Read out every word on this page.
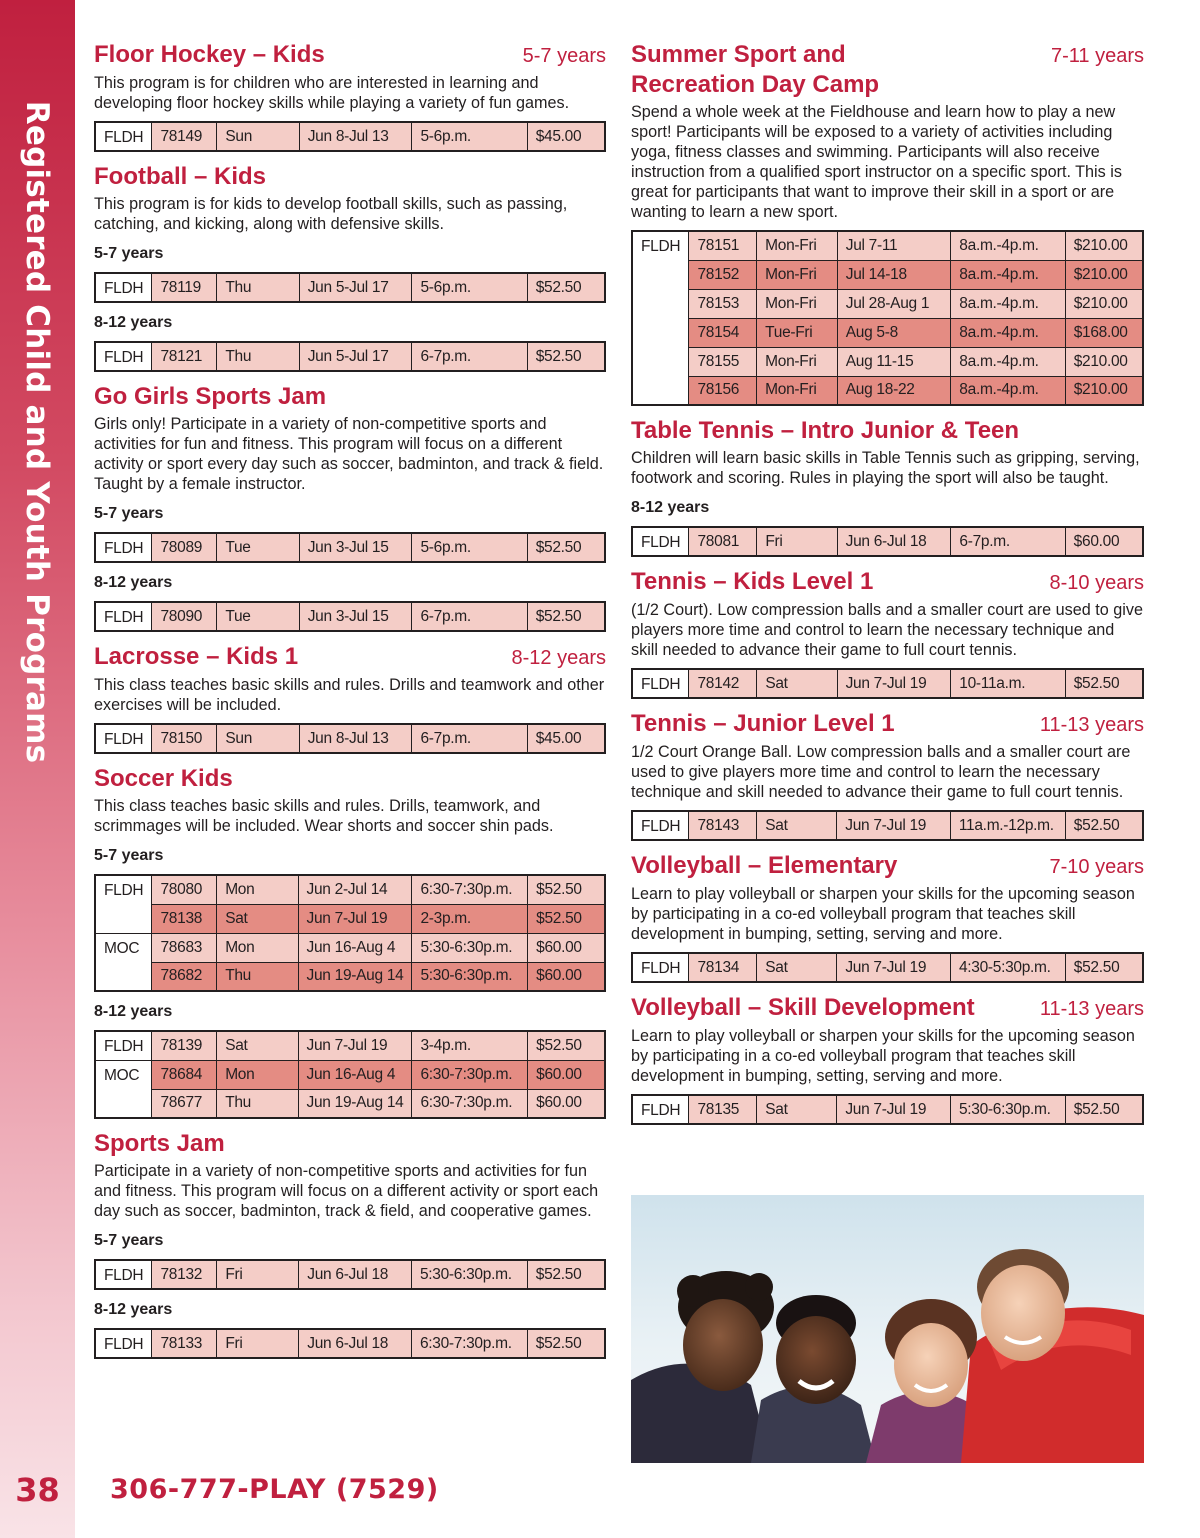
Registered Child and Youth Programs
38	306-777-PLAY (7529)
Floor Hockey – Kids	5-7 years
This program is for children who are interested in learning and developing floor hockey skills while playing a variety of fun games.
FLDH	78149	Sun	Jun 8-Jul 13	5-6p.m.	$45.00
Football – Kids
This program is for kids to develop football skills, such as passing, catching, and kicking, along with defensive skills.
5-7 years
FLDH	78119	Thu	Jun 5-Jul 17	5-6p.m.	$52.50
8-12 years
FLDH	78121	Thu	Jun 5-Jul 17	6-7p.m.	$52.50
Go Girls Sports Jam
Girls only! Participate in a variety of non-competitive sports and activities for fun and fitness. This program will focus on a different activity or sport every day such as soccer, badminton, and track & field. Taught by a female instructor.
5-7 years
FLDH	78089	Tue	Jun 3-Jul 15	5-6p.m.	$52.50
8-12 years
FLDH	78090	Tue	Jun 3-Jul 15	6-7p.m.	$52.50
Lacrosse – Kids 1	8-12 years
This class teaches basic skills and rules. Drills and teamwork and other exercises will be included.
FLDH	78150	Sun	Jun 8-Jul 13	6-7p.m.	$45.00
Soccer Kids
This class teaches basic skills and rules. Drills, teamwork, and scrimmages will be included. Wear shorts and soccer shin pads.
5-7 years
FLDH	78080	Mon	Jun 2-Jul 14	6:30-7:30p.m.	$52.50
	78138	Sat	Jun 7-Jul 19	2-3p.m.	$52.50
MOC	78683	Mon	Jun 16-Aug 4	5:30-6:30p.m.	$60.00
	78682	Thu	Jun 19-Aug 14	5:30-6:30p.m.	$60.00
8-12 years
FLDH	78139	Sat	Jun 7-Jul 19	3-4p.m.	$52.50
MOC	78684	Mon	Jun 16-Aug 4	6:30-7:30p.m.	$60.00
	78677	Thu	Jun 19-Aug 14	6:30-7:30p.m.	$60.00
Sports Jam
Participate in a variety of non-competitive sports and activities for fun and fitness. This program will focus on a different activity or sport each day such as soccer, badminton, track & field, and cooperative games.
5-7 years
FLDH	78132	Fri	Jun 6-Jul 18	5:30-6:30p.m.	$52.50
8-12 years
FLDH	78133	Fri	Jun 6-Jul 18	6:30-7:30p.m.	$52.50
Summer Sport and Recreation Day Camp
7-11 years
Spend a whole week at the Fieldhouse and learn how to play a new sport! Participants will be exposed to a variety of activities including yoga, fitness classes and swimming. Participants will also receive instruction from a qualified sport instructor on a specific sport. This is great for participants that want to improve their skill in a sport or are wanting to learn a new sport.
FLDH	78151	Mon-Fri	Jul 7-11	8a.m.-4p.m.	$210.00
	78152	Mon-Fri	Jul 14-18	8a.m.-4p.m.	$210.00
	78153	Mon-Fri	Jul 28-Aug 1	8a.m.-4p.m.	$210.00
	78154	Tue-Fri	Aug 5-8	8a.m.-4p.m.	$168.00
	78155	Mon-Fri	Aug 11-15	8a.m.-4p.m.	$210.00
	78156	Mon-Fri	Aug 18-22	8a.m.-4p.m.	$210.00
Table Tennis – Intro Junior & Teen
Children will learn basic skills in Table Tennis such as gripping, serving, footwork and scoring. Rules in playing the sport will also be taught.
8-12 years
FLDH	78081	Fri	Jun 6-Jul 18	6-7p.m.	$60.00
Tennis – Kids Level 1	8-10 years
(1/2 Court). Low compression balls and a smaller court are used to give players more time and control to learn the necessary technique and skill needed to advance their game to full court tennis.
FLDH	78142	Sat	Jun 7-Jul 19	10-11a.m.	$52.50
Tennis – Junior Level 1	11-13 years
1/2 Court Orange Ball. Low compression balls and a smaller court are used to give players more time and control to learn the necessary technique and skill needed to advance their game to full court tennis.
FLDH	78143	Sat	Jun 7-Jul 19	11a.m.-12p.m.	$52.50
Volleyball – Elementary	7-10 years
Learn to play volleyball or sharpen your skills for the upcoming season by participating in a co-ed volleyball program that teaches skill development in bumping, setting, serving and more.
FLDH	78134	Sat	Jun 7-Jul 19	4:30-5:30p.m.	$52.50
Volleyball – Skill Development	11-13 years
Learn to play volleyball or sharpen your skills for the upcoming season by participating in a co-ed volleyball program that teaches skill development in bumping, setting, serving and more.
FLDH	78135	Sat	Jun 7-Jul 19	5:30-6:30p.m.	$52.50
